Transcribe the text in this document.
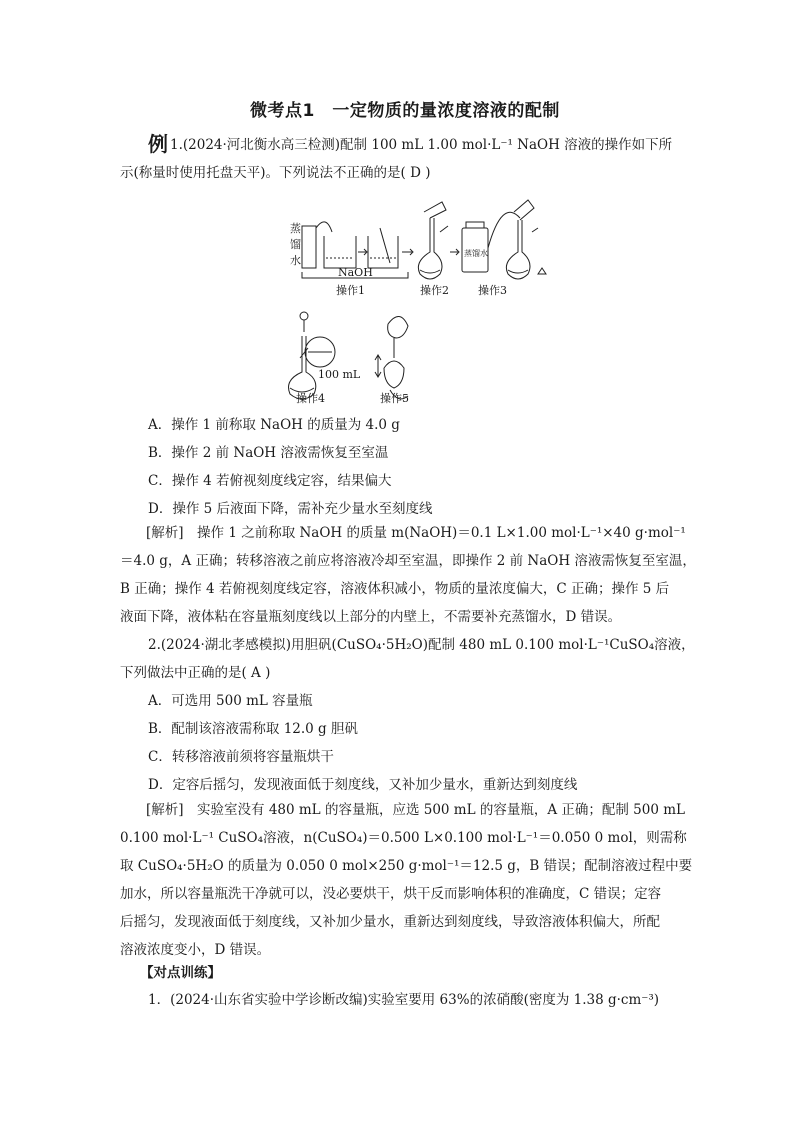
微考点1　一定物质的量浓度溶液的配制
例 1.(2024·河北衡水高三检测)配制 100 mL 1.00 mol·L⁻¹ NaOH 溶液的操作如下所
示(称量时使用托盘天平)。下列说法不正确的是( D )
蒸
馏
水
NaOH
操作1	操作2
蒸馏水
操作3
100 mL
操作4	操作5
A．操作 1 前称取 NaOH 的质量为 4.0 g
B．操作 2 前 NaOH 溶液需恢复至室温
C．操作 4 若俯视刻度线定容，结果偏大
D．操作 5 后液面下降，需补充少量水至刻度线
[解析]　操作 1 之前称取 NaOH 的质量 m(NaOH)＝0.1 L×1.00 mol·L⁻¹×40 g·mol⁻¹
＝4.0 g，A 正确；转移溶液之前应将溶液冷却至室温，即操作 2 前 NaOH 溶液需恢复至室温，
B 正确；操作 4 若俯视刻度线定容，溶液体积减小，物质的量浓度偏大，C 正确；操作 5 后
液面下降，液体粘在容量瓶刻度线以上部分的内壁上，不需要补充蒸馏水，D 错误。
2.(2024·湖北孝感模拟)用胆矾(CuSO₄·5H₂O)配制 480 mL 0.100 mol·L⁻¹CuSO₄溶液，
下列做法中正确的是( A )
A．可选用 500 mL 容量瓶
B．配制该溶液需称取 12.0 g 胆矾
C．转移溶液前须将容量瓶烘干
D．定容后摇匀，发现液面低于刻度线，又补加少量水，重新达到刻度线
[解析]　实验室没有 480 mL 的容量瓶，应选 500 mL 的容量瓶，A 正确；配制 500 mL
0.100 mol·L⁻¹ CuSO₄溶液，n(CuSO₄)＝0.500 L×0.100 mol·L⁻¹＝0.050 0 mol，则需称
取 CuSO₄·5H₂O 的质量为 0.050 0 mol×250 g·mol⁻¹＝12.5 g，B 错误；配制溶液过程中要
加水，所以容量瓶洗干净就可以，没必要烘干，烘干反而影响体积的准确度，C 错误；定容
后摇匀，发现液面低于刻度线，又补加少量水，重新达到刻度线，导致溶液体积偏大，所配
溶液浓度变小，D 错误。
【对点训练】
1．(2024·山东省实验中学诊断改编)实验室要用 63%的浓硝酸(密度为 1.38 g·cm⁻³)
